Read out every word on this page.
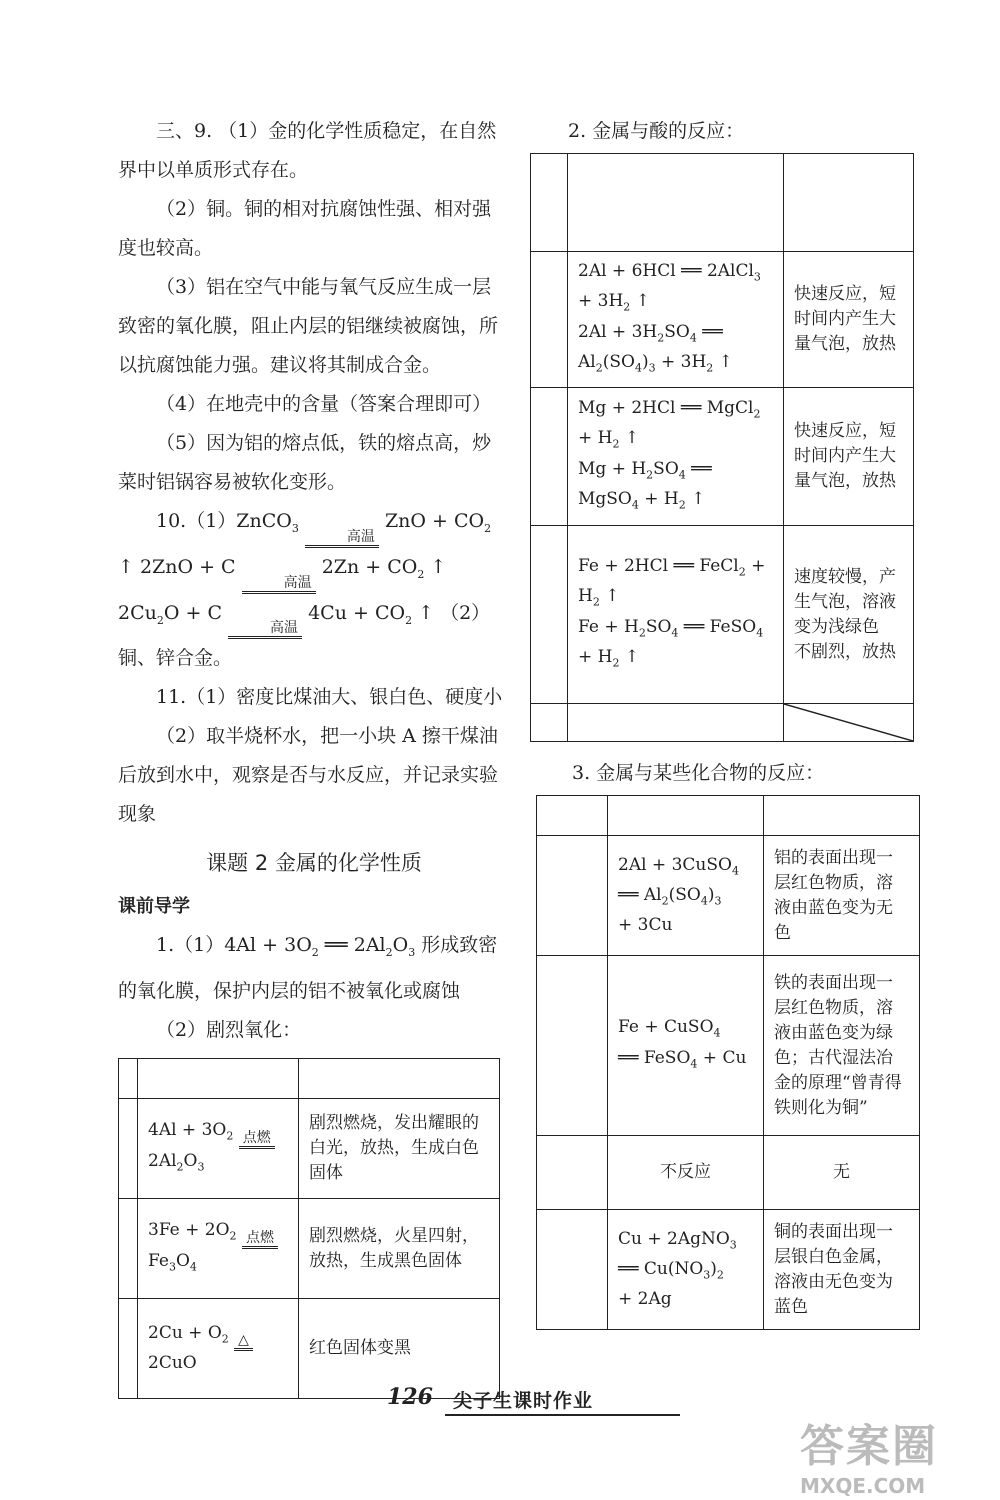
三、9. （1）金的化学性质稳定，在自然界中以单质形式存在。

（2）铜。铜的相对抗腐蚀性强、相对强度也较高。

（3）铝在空气中能与氧气反应生成一层致密的氧化膜，阻止内层的铝继续被腐蚀，所以抗腐蚀能力强。建议将其制成合金。

（4）在地壳中的含量（答案合理即可）

（5）因为铝的熔点低，铁的熔点高，炒菜时铝锅容易被软化变形。

10.（1）ZnCO$_3$
高温
ZnO + $CO_2$ ↑ 2ZnO + C
高温
$2Zn + CO_2$ ↑ $2Cu_2O + C$
高温
$4Cu + CO_2$ ↑ （2）铜、锌合金。

11.（1）密度比煤油大、银白色、硬度小

（2）取半烧杯水，把一小块 A 擦干煤油后放到水中，观察是否与水反应，并记录实验现象

课题 2 金属的化学性质
课前导学

$1.(1)4Al + 3O_2$ ══ $2Al_2O_3$ 形成致密的氧化膜，保护内层的铝不被氧化或腐蚀

（2）剧烈氧化：

	$4Al + 3O_2$ 点燃

$2Al_2O_3$	剧烈燃烧，发出耀眼的白光，放热，生成白色固体
	$3Fe + 2O_2$ 点燃

$Fe_3O_4$	剧烈燃烧，火星四射，放热，生成黑色固体
	$2Cu + O_2$ △

2CuO	红色固体变黑

2. 金属与酸的反应：

	2Al + 6HCl ══ 2AlCl$_3$
+ $3H_2$ ↑
$2Al + 3H_2SO_4$ ══ $Al_2(SO_4)_3 + 3H_2$ ↑	快速反应，短时间内产生大量气泡，放热
	Mg + 2HCl ══ MgCl$_2$
+ $H_2$ ↑
$Mg + H_2SO_4$ ══ MgSO$_4$ + $H_2$ ↑	快速反应，短时间内产生大量气泡，放热
	Fe + 2HCl ══ FeCl$_2$ + $H_2$ ↑
$Fe + H_2SO_4$ ══ FeSO$_4$ + $H_2$ ↑	速度较慢，产生气泡，溶液变为浅绿色
不剧烈，放热

3. 金属与某些化合物的反应：

	2Al + 3CuSO$_4$
══ $Al_2(SO_4)_3$
+ 3Cu	铝的表面出现一层红色物质，溶液由蓝色变为无色
	Fe + CuSO$_4$
══ FeSO$_4$ + Cu	铁的表面出现一层红色物质，溶液由蓝色变为绿色；古代湿法冶金的原理“曾青得铁则化为铜”
	不反应	无
	Cu + 2AgNO$_3$
══ $Cu(NO_3)_2$
+ 2Ag	铜的表面出现一层银白色金属，溶液由无色变为蓝色
126 尖子生课时作业
答案圈
MXQE.COM
